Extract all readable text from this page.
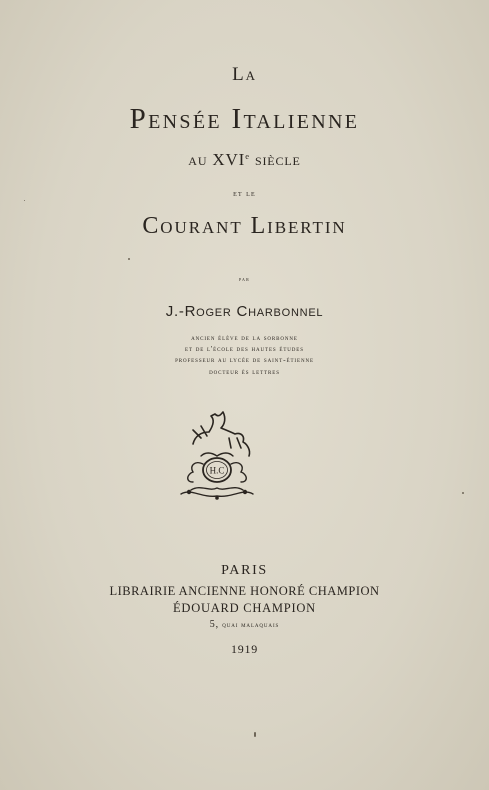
La
Pensée Italienne
au XVIe siècle
et le
Courant Libertin
par
J.-Roger Charbonnel
ancien élève de la sorbonne
et de l'école des hautes études
professeur au lycée de saint-étienne
docteur ès lettres
H.C
PARIS
LIBRAIRIE ANCIENNE HONORÉ CHAMPION
ÉDOUARD CHAMPION
5, quai malaquais
1919
